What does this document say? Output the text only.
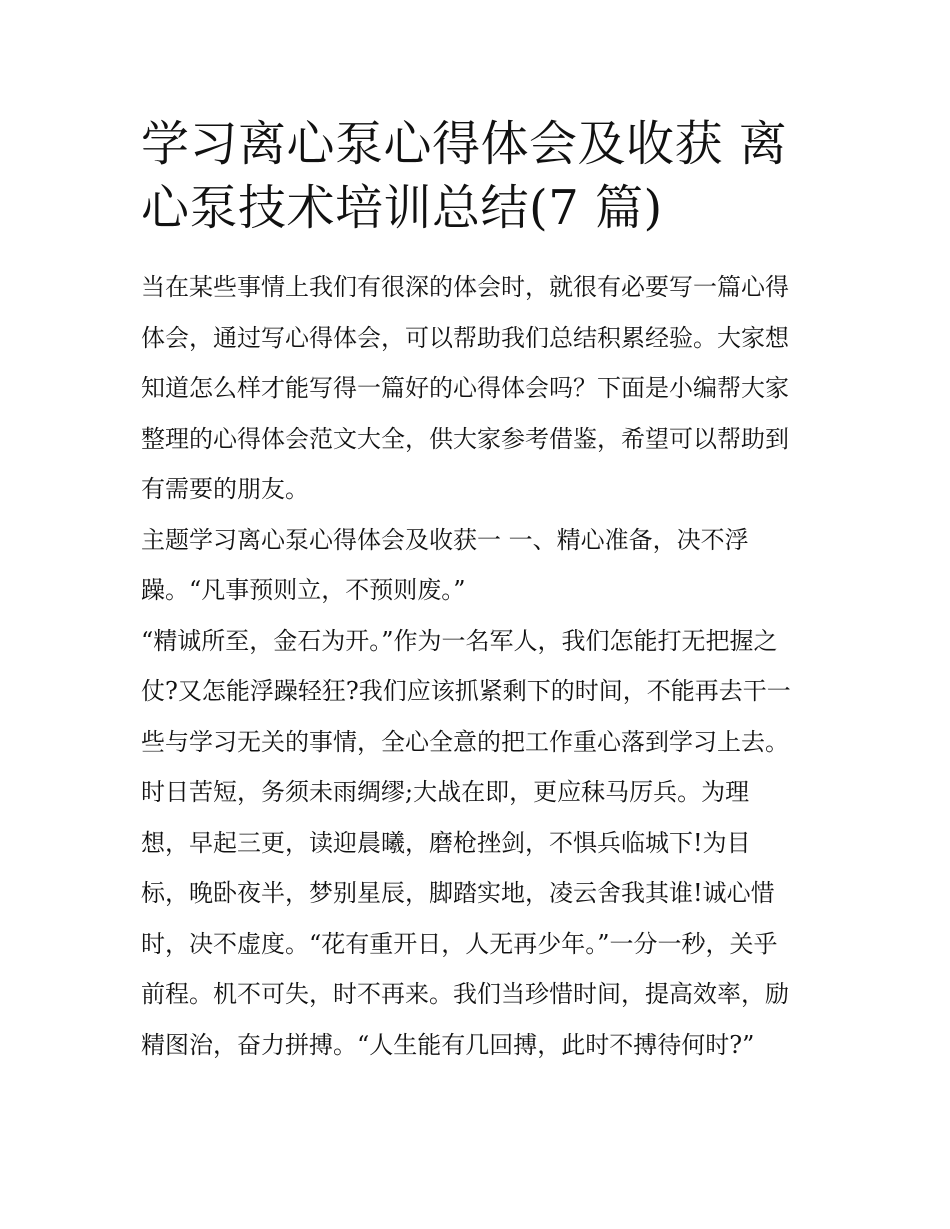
学习离心泵心得体会及收获 离

心泵技术培训总结(7 篇)

当在某些事情上我们有很深的体会时，就很有必要写一篇心得

体会，通过写心得体会，可以帮助我们总结积累经验。大家想

知道怎么样才能写得一篇好的心得体会吗？下面是小编帮大家

整理的心得体会范文大全，供大家参考借鉴，希望可以帮助到

有需要的朋友。

主题学习离心泵心得体会及收获一 一、精心准备，决不浮

躁。“凡事预则立，不预则废。”

“精诚所至，金石为开。”作为一名军人，我们怎能打无把握之

仗?又怎能浮躁轻狂?我们应该抓紧剩下的时间，不能再去干一

些与学习无关的事情，全心全意的把工作重心落到学习上去。

时日苦短，务须未雨绸缪;大战在即，更应秣马厉兵。为理

想，早起三更，读迎晨曦，磨枪挫剑，不惧兵临城下!为目

标，晚卧夜半，梦别星辰，脚踏实地，凌云舍我其谁!诚心惜

时，决不虚度。“花有重开日，人无再少年。”一分一秒，关乎

前程。机不可失，时不再来。我们当珍惜时间，提高效率，励

精图治，奋力拼搏。“人生能有几回搏，此时不搏待何时?”
